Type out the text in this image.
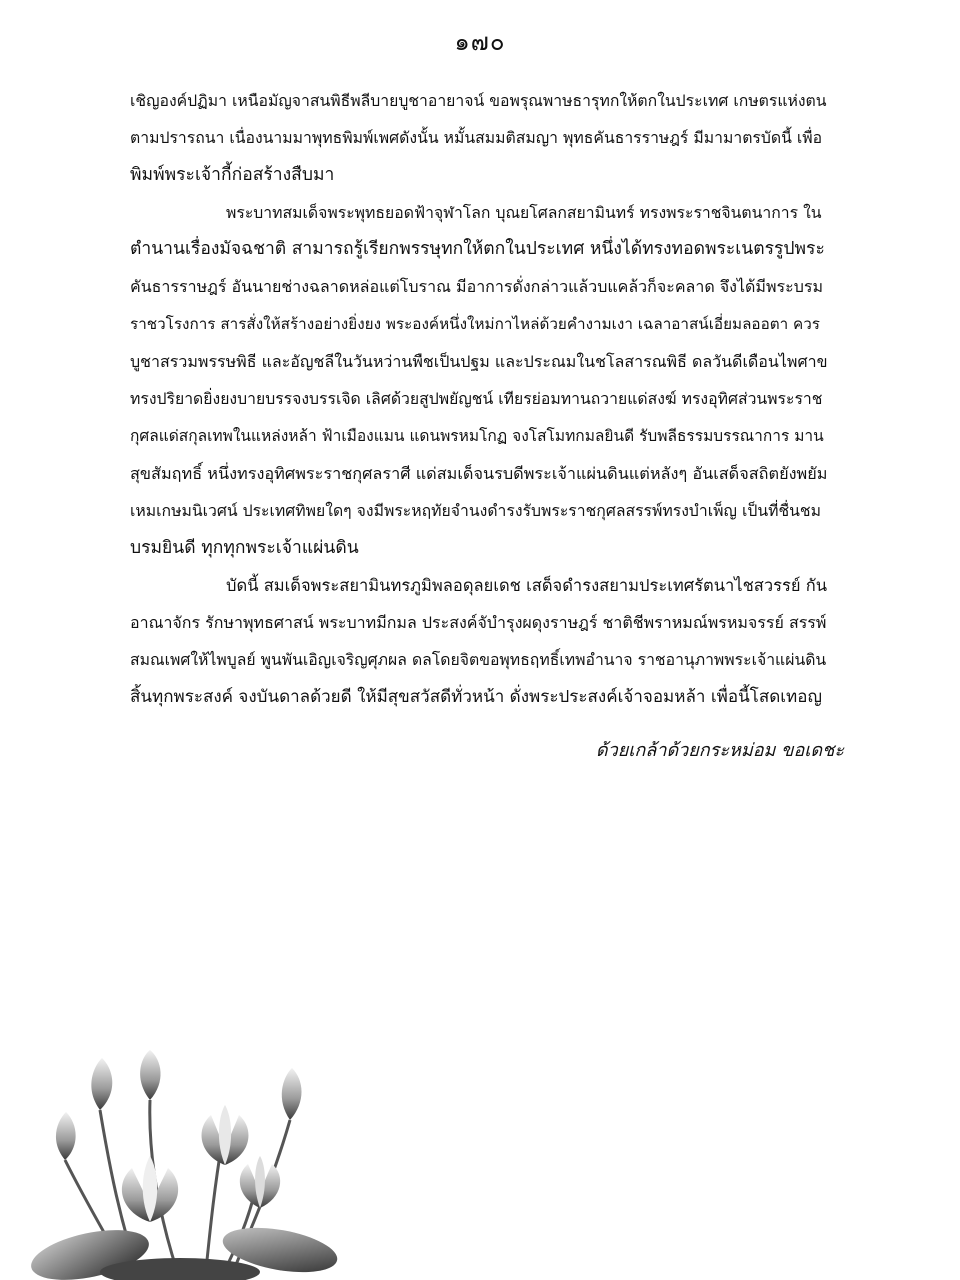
๑๗๐

เชิญองค์ปฏิมา เหนือมัญจาสนพิธีพลีบายบูชาอายาจน์ ขอพรุณพาษธารุทกให้ตกในประเทศ เกษตรแห่งตน
ตามปรารถนา เนื่องนามมาพุทธพิมพ์เพศดังนั้น หมั้นสมมติสมญา พุทธคันธารราษฎร์ มีมามาตรบัดนี้ เพื่อ
พิมพ์พระเจ้ากี้ก่อสร้างสืบมา

พระบาทสมเด็จพระพุทธยอดฟ้าจุฬาโลก บุณยโศลกสยามินทร์ ทรงพระราชจินตนาการ ใน
ตำนานเรื่องมัจฉชาติ สามารถรู้เรียกพรรษุทกให้ตกในประเทศ หนึ่งได้ทรงทอดพระเนตรรูปพระ
คันธารราษฎร์ อันนายช่างฉลาดหล่อแต่โบราณ มีอาการดั่งกล่าวแล้วบแคล้วก็จะคลาด จึงได้มีพระบรม
ราชวโรงการ สารสั่งให้สร้างอย่างยิ่งยง พระองค์หนึ่งใหม่กาไหล่ด้วยคำงามเงา เฉลาอาสน์เอี่ยมลออตา ควร
บูชาสรวมพรรษพิธี และอัญชลีในวันหว่านพืชเป็นปฐม และประณมในชโลสารณพิธี ดลวันดีเดือนไพศาข
ทรงปริยาดยิ่งยงบายบรรจงบรรเจิด เลิศด้วยสูปพยัญชน์ เทียรย่อมทานถวายแด่สงฆ์ ทรงอุทิศส่วนพระราช
กุศลแด่สกุลเทพในแหล่งหล้า ฟ้าเมืองแมน แดนพรหมโกฏ จงโสโมทกมลยินดี รับพลีธรรมบรรณาการ มาน
สุขสัมฤทธิ์ หนึ่งทรงอุทิศพระราชกุศลราศี แด่สมเด็จนรบดีพระเจ้าแผ่นดินแต่หลังๆ อันเสด็จสถิตยังพยัม
เหมเกษมนิเวศน์ ประเทศทิพยใดๆ จงมีพระหฤทัยจำนงดำรงรับพระราชกุศลสรรพ์ทรงบำเพ็ญ เป็นที่ชื่นชม
บรมยินดี ทุกทุกพระเจ้าแผ่นดิน

บัดนี้ สมเด็จพระสยามินทรภูมิพลอดุลยเดช เสด็จดำรงสยามประเทศรัตนาไชสวรรย์ กัน
อาณาจักร รักษาพุทธศาสน์ พระบาทมีกมล ประสงค์จับำรุงผดุงราษฎร์ ชาติชีพราหมณ์พรหมจรรย์ สรรพ์
สมณเพศให้ไพบูลย์ พูนพันเอิญเจริญศุภผล ดลโดยจิตขอพุทธฤทธิ์เทพอำนาจ ราชอานุภาพพระเจ้าแผ่นดิน
สิ้นทุกพระสงค์ จงบันดาลด้วยดี ให้มีสุขสวัสดีทั่วหน้า ดั่งพระประสงค์เจ้าจอมหล้า เพื่อนี้โสดเทอญ

ด้วยเกล้าด้วยกระหม่อม ขอเดชะ
